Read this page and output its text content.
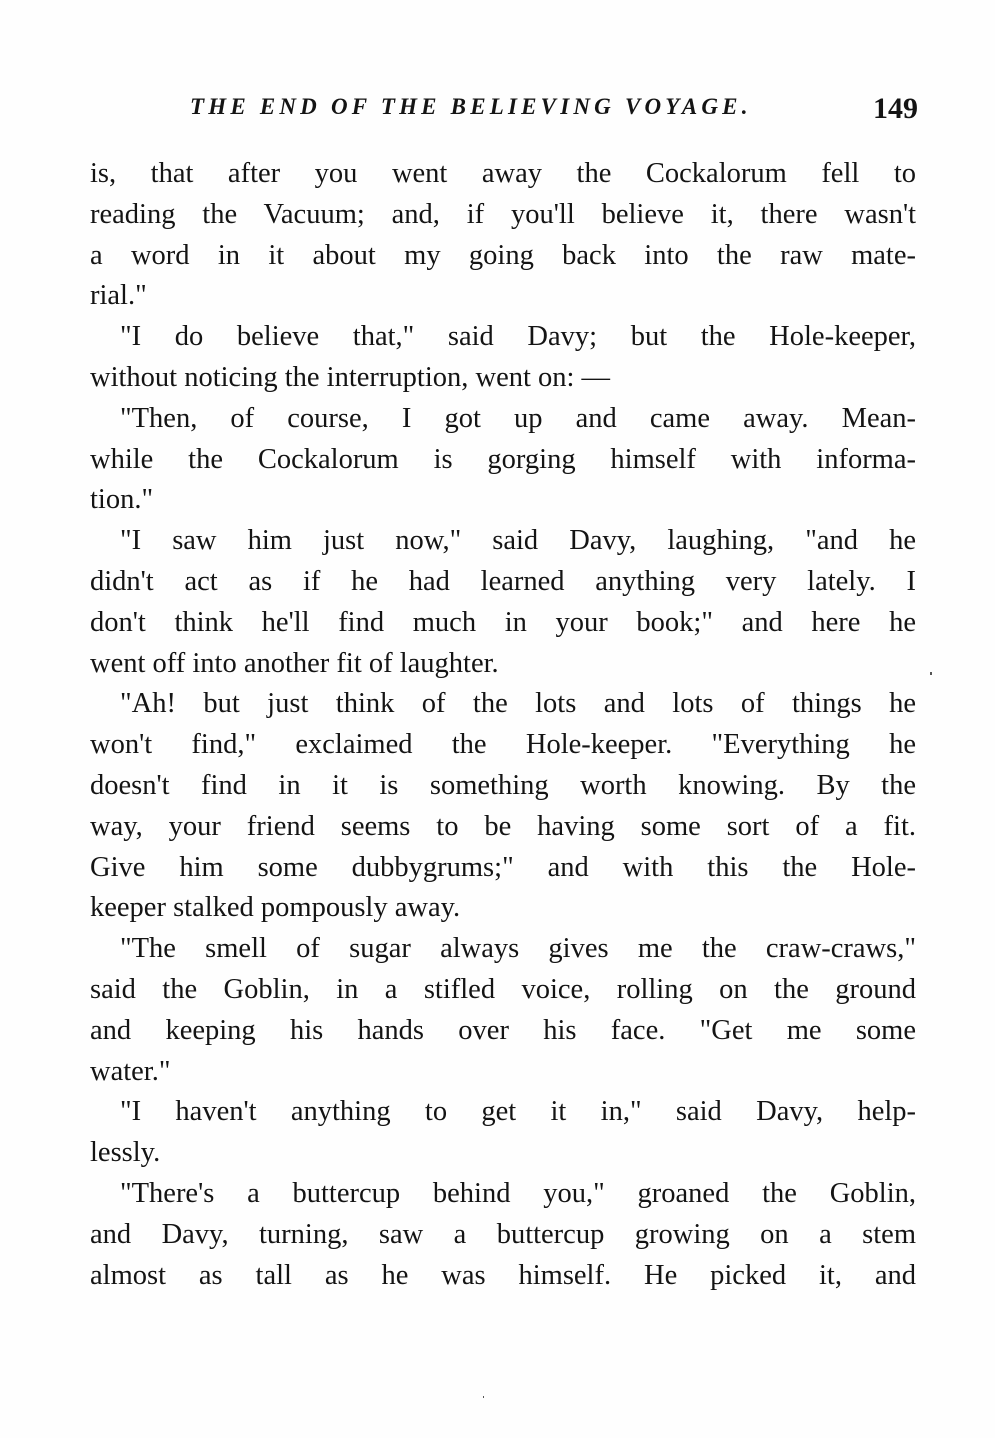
THE END OF THE BELIEVING VOYAGE.	149
is, that after you went away the Cockalorum fell to
reading the Vacuum; and, if you'll believe it, there wasn't
a word in it about my going back into the raw mate-
rial."
"I do believe that," said Davy; but the Hole-keeper,
without noticing the interruption, went on: —
"Then, of course, I got up and came away. Mean-
while the Cockalorum is gorging himself with informa-
tion."
"I saw him just now," said Davy, laughing, "and he
didn't act as if he had learned anything very lately. I
don't think he'll find much in your book;" and here he
went off into another fit of laughter.
"Ah! but just think of the lots and lots of things he
won't find," exclaimed the Hole-keeper. "Everything he
doesn't find in it is something worth knowing. By the
way, your friend seems to be having some sort of a fit.
Give him some dubbygrums;" and with this the Hole-
keeper stalked pompously away.
"The smell of sugar always gives me the craw-craws,"
said the Goblin, in a stifled voice, rolling on the ground
and keeping his hands over his face. "Get me some
water."
"I haven't anything to get it in," said Davy, help-
lessly.
"There's a buttercup behind you," groaned the Goblin,
and Davy, turning, saw a buttercup growing on a stem
almost as tall as he was himself. He picked it, and
